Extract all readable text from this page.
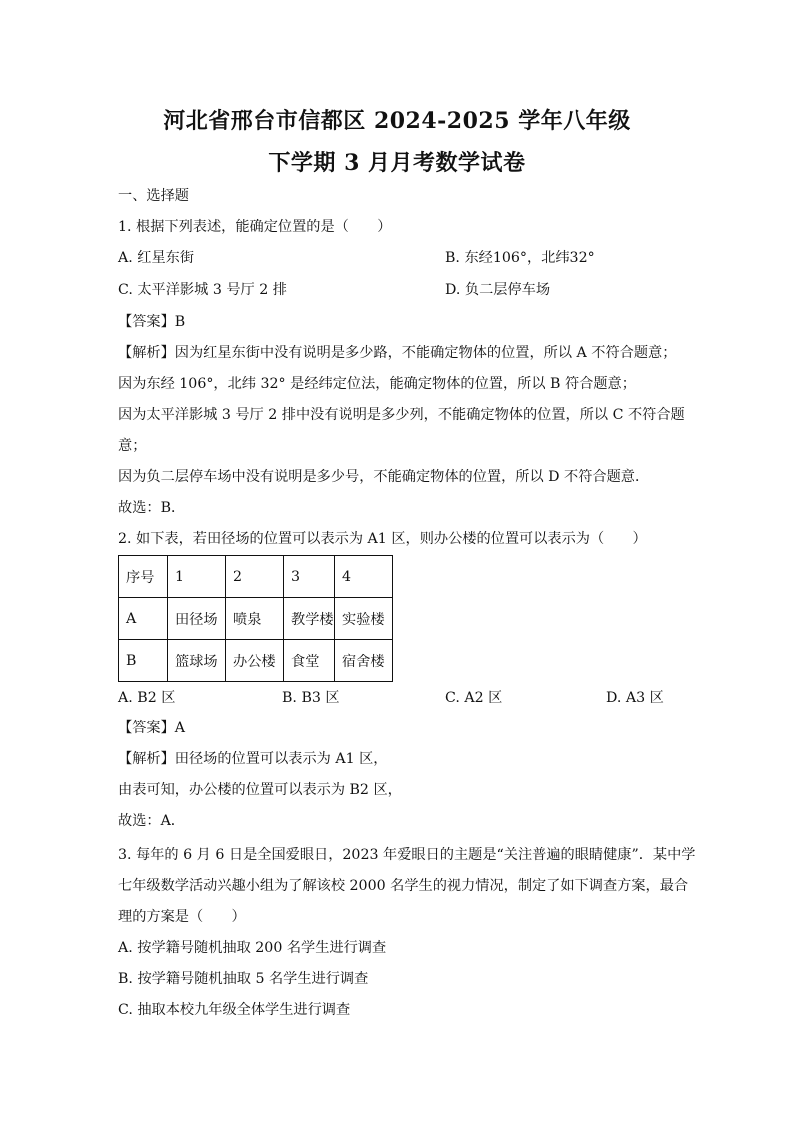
河北省邢台市信都区 2024-2025 学年八年级
下学期 3 月月考数学试卷
一、选择题
1. 根据下列表述，能确定位置的是（　　）
A. 红星东街	B. 东经106°，北纬32°
C. 太平洋影城 3 号厅 2 排	D. 负二层停车场
【答案】B
【解析】因为红星东街中没有说明是多少路，不能确定物体的位置，所以 A 不符合题意；
因为东经 106°，北纬 32° 是经纬定位法，能确定物体的位置，所以 B 符合题意；
因为太平洋影城 3 号厅 2 排中没有说明是多少列，不能确定物体的位置，所以 C 不符合题
意；
因为负二层停车场中没有说明是多少号，不能确定物体的位置，所以 D 不符合题意．
故选：B．
2. 如下表，若田径场的位置可以表示为 A1 区，则办公楼的位置可以表示为（　　）
序号	1	2	3	4
A	田径场	喷泉	教学楼	实验楼
B	篮球场	办公楼	食堂	宿舍楼
A. B2 区	B. B3 区	C. A2 区	D. A3 区
【答案】A
【解析】田径场的位置可以表示为 A1 区，
由表可知，办公楼的位置可以表示为 B2 区，
故选：A．
3. 每年的 6 月 6 日是全国爱眼日，2023 年爱眼日的主题是“关注普遍的眼睛健康”．某中学
七年级数学活动兴趣小组为了解该校 2000 名学生的视力情况，制定了如下调查方案，最合
理的方案是（　　）
A. 按学籍号随机抽取 200 名学生进行调查
B. 按学籍号随机抽取 5 名学生进行调查
C. 抽取本校九年级全体学生进行调查
